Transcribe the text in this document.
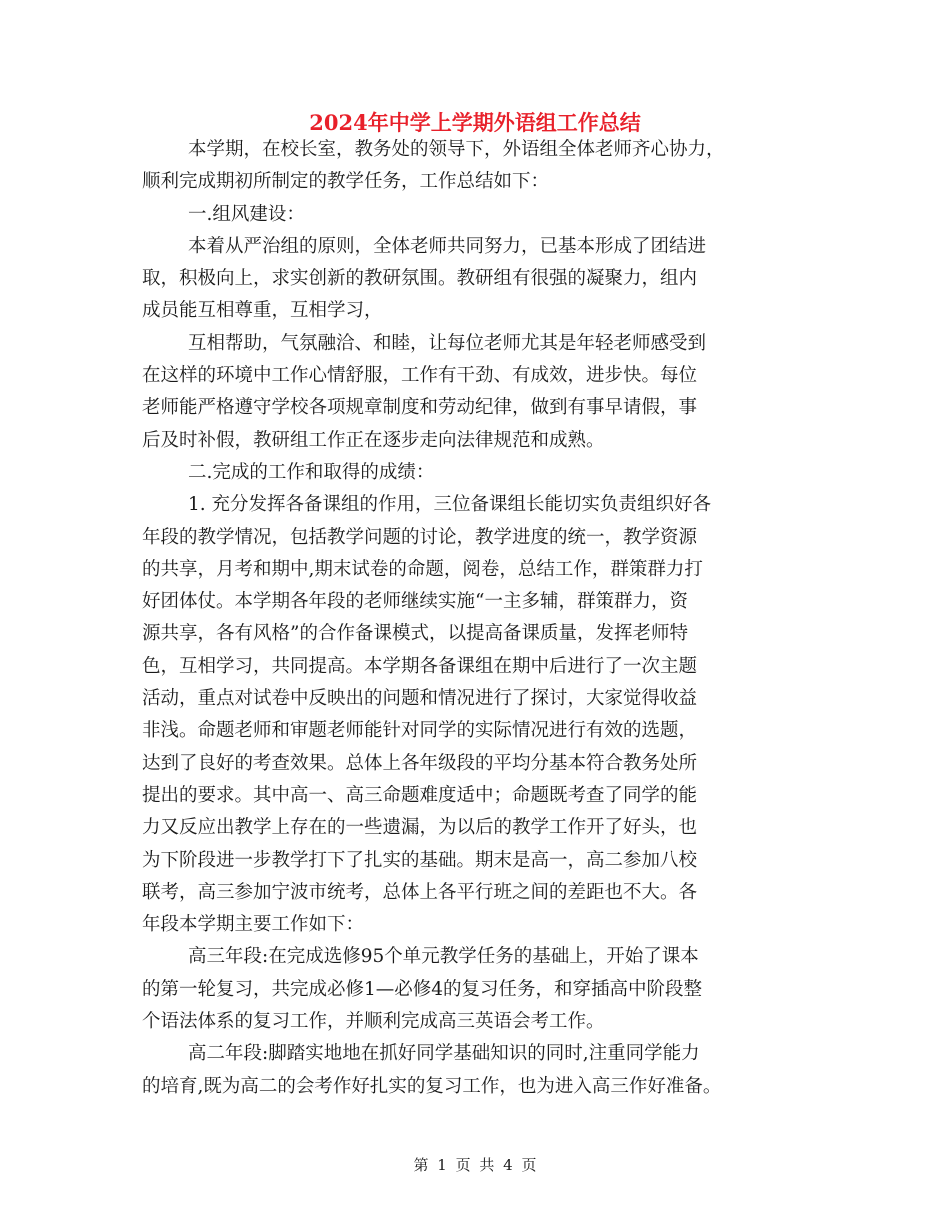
2024年中学上学期外语组工作总结
本学期，在校长室，教务处的领导下，外语组全体老师齐心协力，
顺利完成期初所制定的教学任务，工作总结如下：
一.组风建设：
本着从严治组的原则，全体老师共同努力，已基本形成了团结进
取，积极向上，求实创新的教研氛围。教研组有很强的凝聚力，组内
成员能互相尊重，互相学习，
互相帮助，气氛融洽、和睦，让每位老师尤其是年轻老师感受到
在这样的环境中工作心情舒服，工作有干劲、有成效，进步快。每位
老师能严格遵守学校各项规章制度和劳动纪律，做到有事早请假，事
后及时补假，教研组工作正在逐步走向法律规范和成熟。
二.完成的工作和取得的成绩：
1. 充分发挥各备课组的作用，三位备课组长能切实负责组织好各
年段的教学情况，包括教学问题的讨论，教学进度的统一，教学资源
的共享，月考和期中,期末试卷的命题，阅卷，总结工作，群策群力打
好团体仗。本学期各年段的老师继续实施“一主多辅，群策群力，资
源共享，各有风格”的合作备课模式，以提高备课质量，发挥老师特
色，互相学习，共同提高。本学期各备课组在期中后进行了一次主题
活动，重点对试卷中反映出的问题和情况进行了探讨，大家觉得收益
非浅。命题老师和审题老师能针对同学的实际情况进行有效的选题，
达到了良好的考查效果。总体上各年级段的平均分基本符合教务处所
提出的要求。其中高一、高三命题难度适中；命题既考查了同学的能
力又反应出教学上存在的一些遗漏，为以后的教学工作开了好头，也
为下阶段进一步教学打下了扎实的基础。期末是高一，高二参加八校
联考，高三参加宁波市统考，总体上各平行班之间的差距也不大。各
年段本学期主要工作如下：
高三年段:在完成选修95个单元教学任务的基础上，开始了课本
的第一轮复习，共完成必修1—必修4的复习任务，和穿插高中阶段整
个语法体系的复习工作，并顺利完成高三英语会考工作。
高二年段:脚踏实地地在抓好同学基础知识的同时,注重同学能力
的培育,既为高二的会考作好扎实的复习工作，也为进入高三作好准备。
第 1 页 共 4 页
